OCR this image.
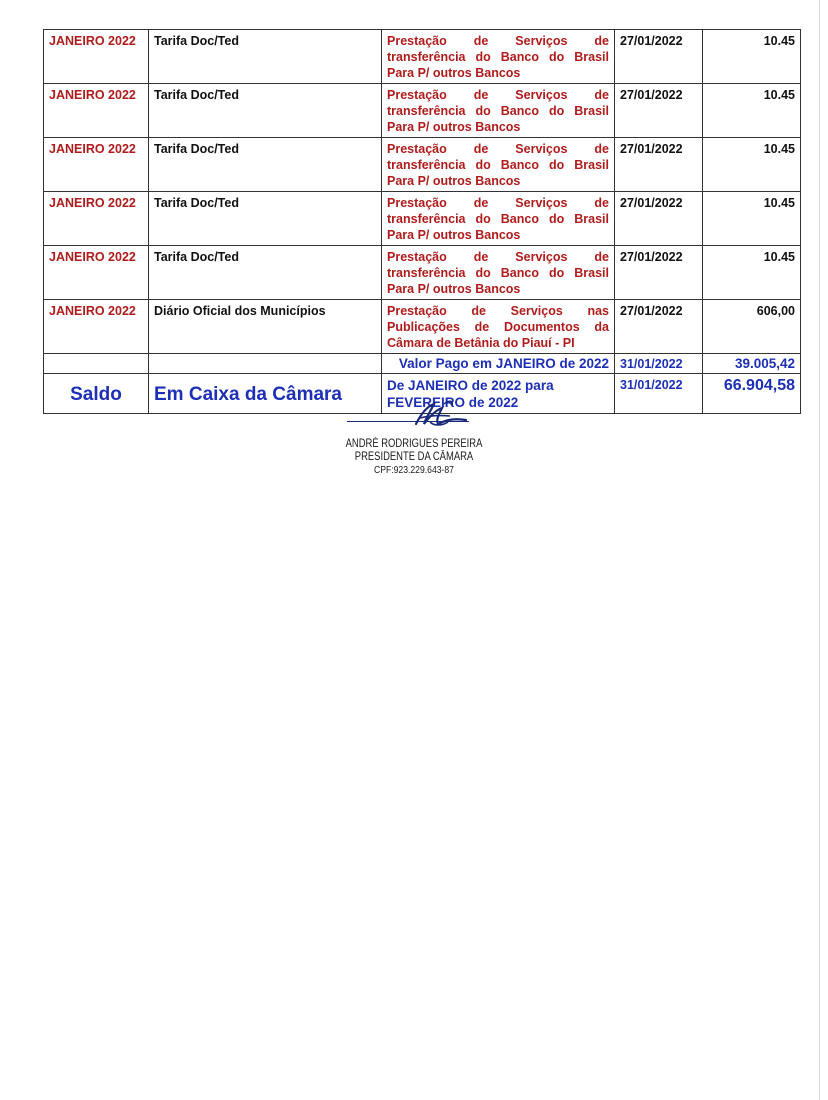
JANEIRO 2022	Tarifa Doc/Ted	Prestação de Serviços de transferência do Banco do Brasil Para P/ outros Bancos	27/01/2022	10.45
JANEIRO 2022	Tarifa Doc/Ted	Prestação de Serviços de transferência do Banco do Brasil Para P/ outros Bancos	27/01/2022	10.45
JANEIRO 2022	Tarifa Doc/Ted	Prestação de Serviços de transferência do Banco do Brasil Para P/ outros Bancos	27/01/2022	10.45
JANEIRO 2022	Tarifa Doc/Ted	Prestação de Serviços de transferência do Banco do Brasil Para P/ outros Bancos	27/01/2022	10.45
JANEIRO 2022	Tarifa Doc/Ted	Prestação de Serviços de transferência do Banco do Brasil Para P/ outros Bancos	27/01/2022	10.45
JANEIRO 2022	Diário Oficial dos Municípios	Prestação de Serviços nas Publicações de Documentos da Câmara de Betânia do Piauí - PI	27/01/2022	606,00
		Valor Pago em JANEIRO de 2022	31/01/2022	39.005,42
Saldo	Em Caixa da Câmara	De JANEIRO de 2022 para FEVEREIRO de 2022	31/01/2022	66.904,58
ANDRÉ RODRIGUES PEREIRA
PRESIDENTE DA CÂMARA
CPF:923.229.643-87
